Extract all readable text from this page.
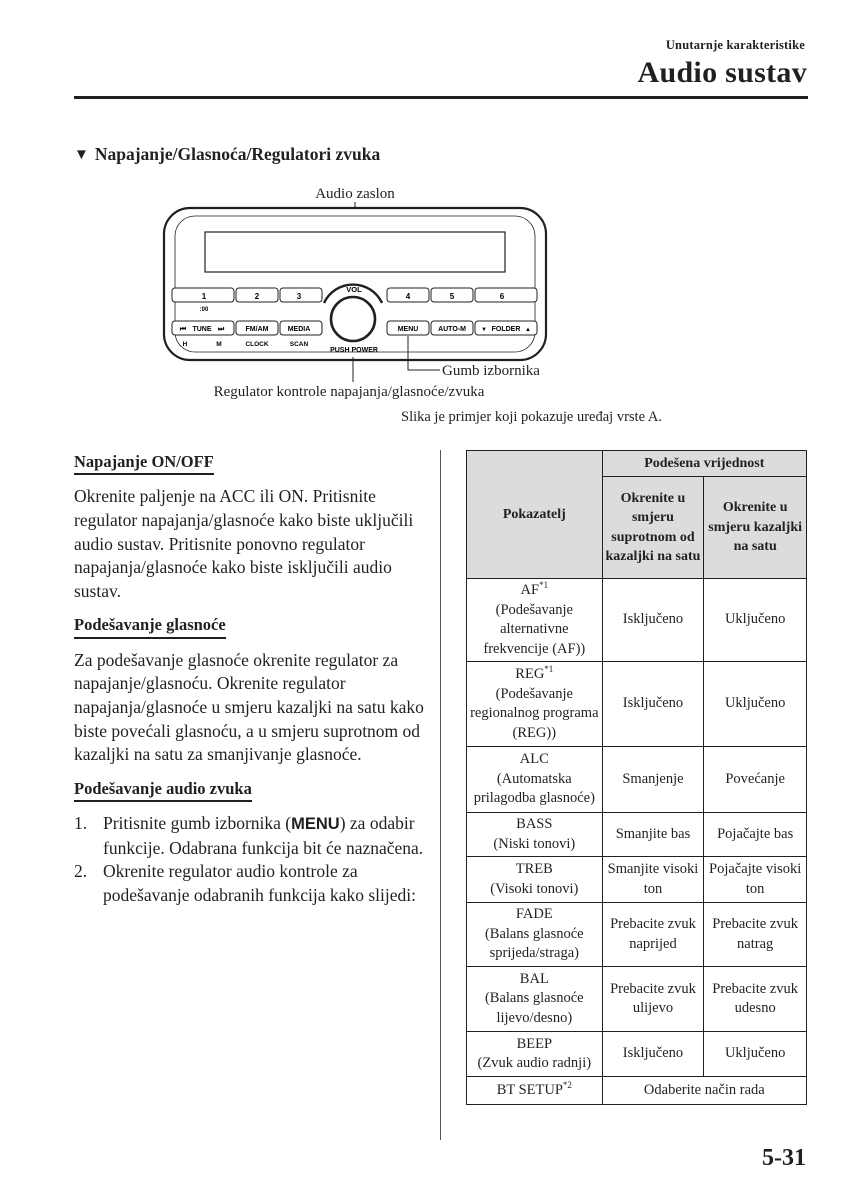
Unutarnje karakteristike
Audio sustav
▼ Napajanje/Glasnoća/Regulatori zvuka
Audio zaslon
1	2	3
:00
4	5	6
⏮ TUNE ⏭	FM/AM	MEDIA
H	M	CLOCK	SCAN
MENU	AUTO-M	▼ FOLDER ▲
VOL
PUSH POWER
Gumb izbornika
Regulator kontrole napajanja/glasnoće/zvuka
Slika je primjer koji pokazuje uređaj vrste A.
Napajanje ON/OFF
Okrenite paljenje na ACC ili ON. Pritisnite regulator napajanja/glasnoće kako biste uključili audio sustav. Pritisnite ponovno regulator napajanja/glasnoće kako biste isključili audio sustav.
Podešavanje glasnoće
Za podešavanje glasnoće okrenite regulator za napajanje/glasnoću. Okrenite regulator napajanja/glasnoće u smjeru kazaljki na satu kako biste povećali glasnoću, a u smjeru suprotnom od kazaljki na satu za smanjivanje glasnoće.
Podešavanje audio zvuka
1. Pritisnite gumb izbornika (MENU) za odabir funkcije. Odabrana funkcija bit će naznačena.
2. Okrenite regulator audio kontrole za podešavanje odabranih funkcija kako slijedi:
Pokazatelj	Podešena vrijednost	
	Okrenite u smjeru suprotnom od kazaljki na satu	Okrenite u smjeru kazaljki na satu
AF$^{*1}$
(Podešavanje alternativne frekvencije (AF))	Isključeno	Uključeno
REG$^{*1}$
(Podešavanje regionalnog programa (REG))	Isključeno	Uključeno
ALC
(Automatska prilagodba glasnoće)	Smanjenje	Povećanje
BASS
(Niski tonovi)	Smanjite bas	Pojačajte bas
TREB
(Visoki tonovi)	Smanjite visoki ton	Pojačajte visoki ton
FADE
(Balans glasnoće sprijeda/straga)	Prebacite zvuk naprijed	Prebacite zvuk natrag
BAL
(Balans glasnoće lijevo/desno)	Prebacite zvuk ulijevo	Prebacite zvuk udesno
BEEP
(Zvuk audio radnji)	Isključeno	Uključeno
BT SETUP$^{*2}$	Odaberite način rada	
5-31
